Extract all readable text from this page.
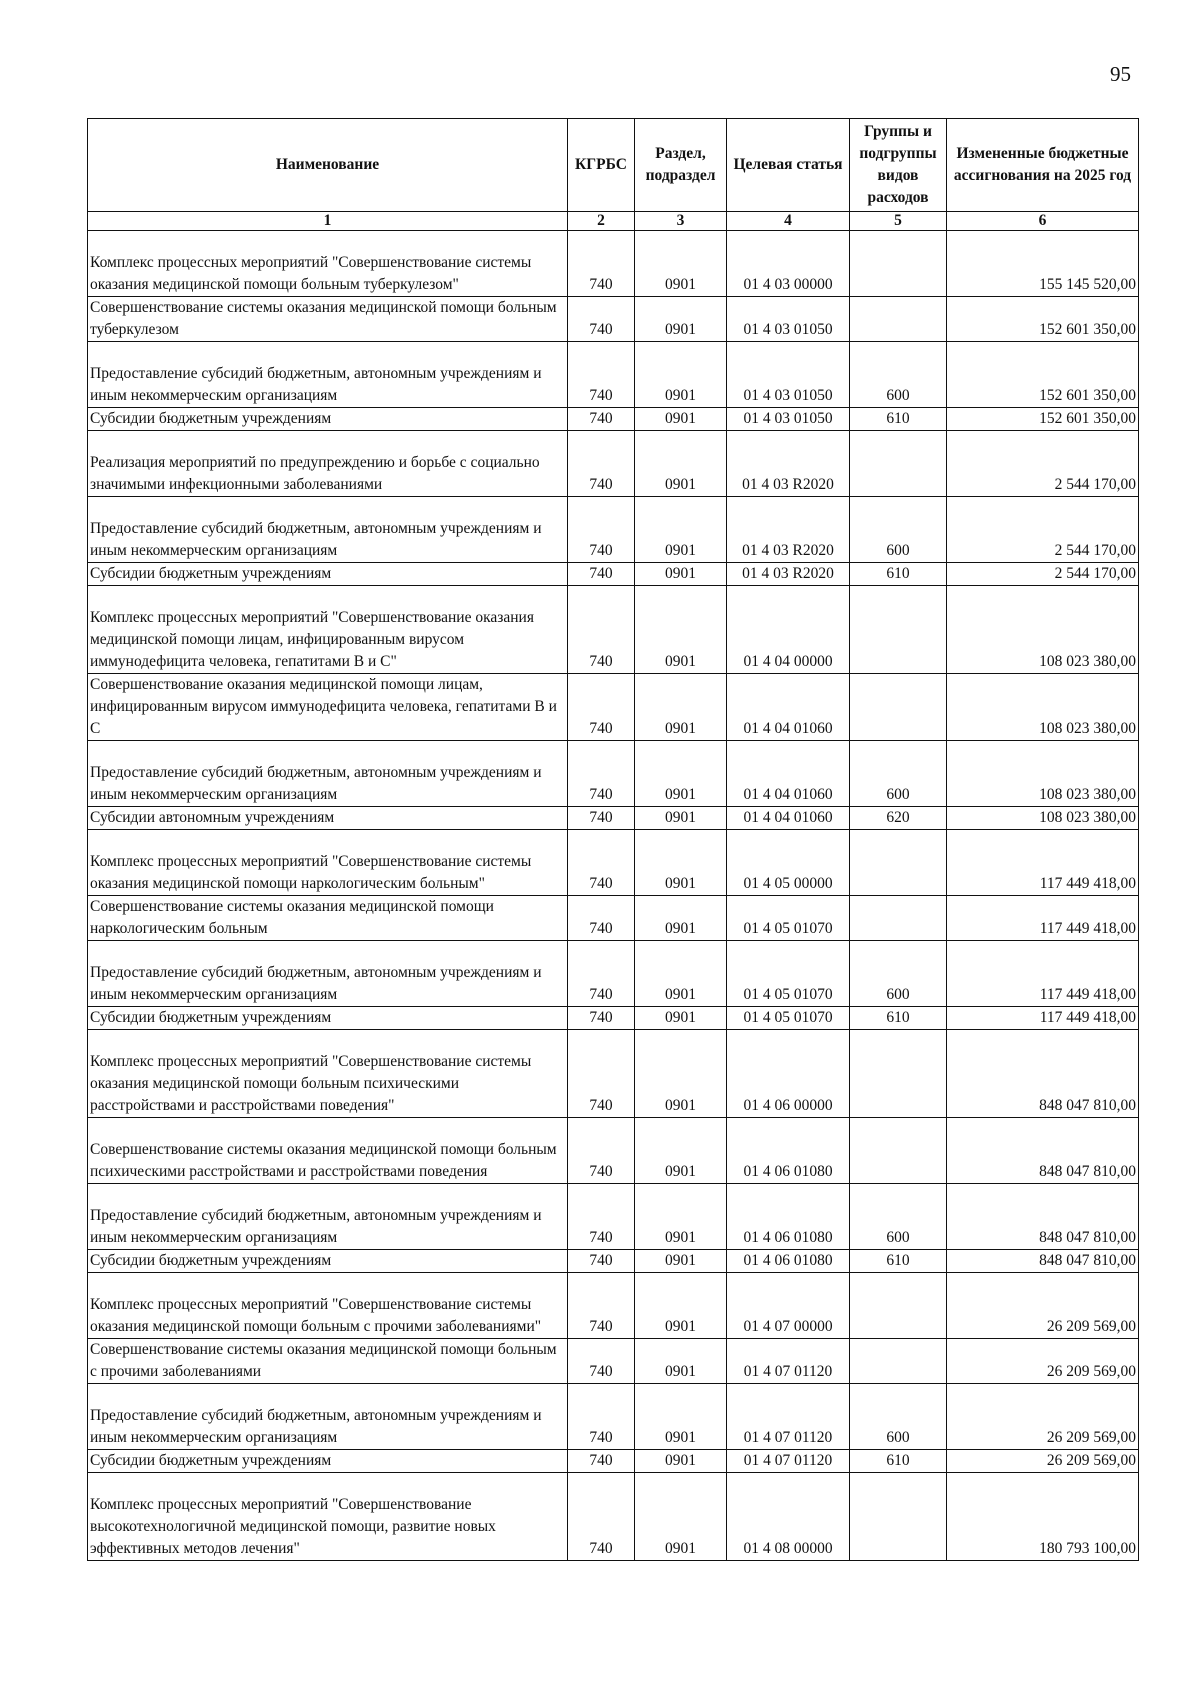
95
Наименование	КГРБС	Раздел, подраздел	Целевая статья	Группы и подгруппы видов расходов	Измененные бюджетные ассигнования на 2025 год
1	2	3	4	5	6
Комплекс процессных мероприятий "Совершенствование системы оказания медицинской помощи больным туберкулезом"	740	0901	01 4 03 00000		155 145 520,00
Совершенствование системы оказания медицинской помощи больным туберкулезом	740	0901	01 4 03 01050		152 601 350,00
Предоставление субсидий бюджетным, автономным учреждениям и иным некоммерческим организациям	740	0901	01 4 03 01050	600	152 601 350,00
Субсидии бюджетным учреждениям	740	0901	01 4 03 01050	610	152 601 350,00
Реализация мероприятий по предупреждению и борьбе с социально значимыми инфекционными заболеваниями	740	0901	01 4 03 R2020		2 544 170,00
Предоставление субсидий бюджетным, автономным учреждениям и иным некоммерческим организациям	740	0901	01 4 03 R2020	600	2 544 170,00
Субсидии бюджетным учреждениям	740	0901	01 4 03 R2020	610	2 544 170,00
Комплекс процессных мероприятий "Совершенствование оказания медицинской помощи лицам, инфицированным вирусом иммунодефицита человека, гепатитами B и C"	740	0901	01 4 04 00000		108 023 380,00
Совершенствование оказания медицинской помощи лицам, инфицированным вирусом иммунодефицита человека, гепатитами B и C	740	0901	01 4 04 01060		108 023 380,00
Предоставление субсидий бюджетным, автономным учреждениям и иным некоммерческим организациям	740	0901	01 4 04 01060	600	108 023 380,00
Субсидии автономным учреждениям	740	0901	01 4 04 01060	620	108 023 380,00
Комплекс процессных мероприятий "Совершенствование системы оказания медицинской помощи наркологическим больным"	740	0901	01 4 05 00000		117 449 418,00
Совершенствование системы оказания медицинской помощи наркологическим больным	740	0901	01 4 05 01070		117 449 418,00
Предоставление субсидий бюджетным, автономным учреждениям и иным некоммерческим организациям	740	0901	01 4 05 01070	600	117 449 418,00
Субсидии бюджетным учреждениям	740	0901	01 4 05 01070	610	117 449 418,00
Комплекс процессных мероприятий "Совершенствование системы оказания медицинской помощи больным психическими расстройствами и расстройствами поведения"	740	0901	01 4 06 00000		848 047 810,00
Совершенствование системы оказания медицинской помощи больным психическими расстройствами и расстройствами поведения	740	0901	01 4 06 01080		848 047 810,00
Предоставление субсидий бюджетным, автономным учреждениям и иным некоммерческим организациям	740	0901	01 4 06 01080	600	848 047 810,00
Субсидии бюджетным учреждениям	740	0901	01 4 06 01080	610	848 047 810,00
Комплекс процессных мероприятий "Совершенствование системы оказания медицинской помощи больным с прочими заболеваниями"	740	0901	01 4 07 00000		26 209 569,00
Совершенствование системы оказания медицинской помощи больным с прочими заболеваниями	740	0901	01 4 07 01120		26 209 569,00
Предоставление субсидий бюджетным, автономным учреждениям и иным некоммерческим организациям	740	0901	01 4 07 01120	600	26 209 569,00
Субсидии бюджетным учреждениям	740	0901	01 4 07 01120	610	26 209 569,00
Комплекс процессных мероприятий "Совершенствование высокотехнологичной медицинской помощи, развитие новых эффективных методов лечения"	740	0901	01 4 08 00000		180 793 100,00
